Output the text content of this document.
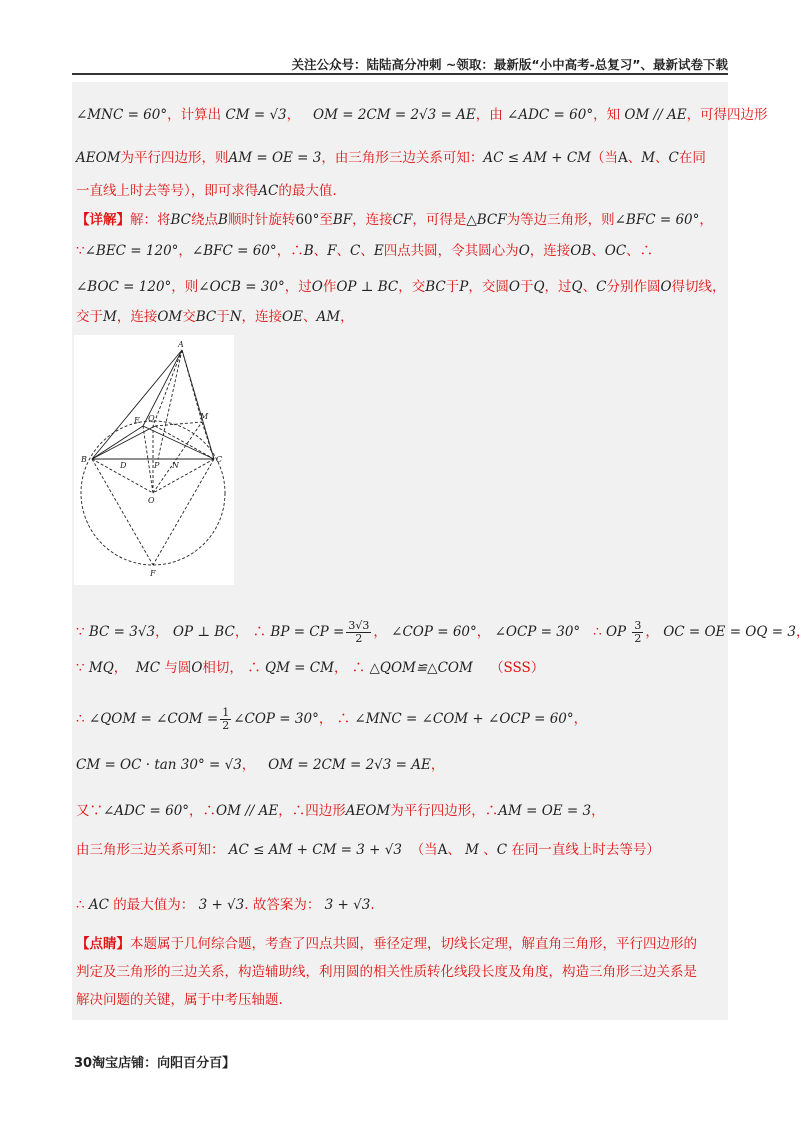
关注公众号：陆陆高分冲刺 ~领取：最新版“小中高考-总复习”、最新试卷下载
∠MNC = 60°，计算出 CM = √3， OM = 2CM = 2√3 = AE，由 ∠ADC = 60°，知 OM // AE，可得四边形
AEOM为平行四边形，则AM = OE = 3，由三角形三边关系可知：AC ≤ AM + CM（当A、M、C在同
一直线上时去等号），即可求得AC的最大值.
【详解】解：将BC绕点B顺时针旋转60°至BF，连接CF，可得是△BCF为等边三角形，则∠BFC = 60°，
∵∠BEC = 120°，∠BFC = 60°，∴B、F、C、E四点共圆，令其圆心为O，连接OB、OC、∴
∠BOC = 120°，则∠OCB = 30°，过O作OP ⊥ BC，交BC于P，交圆O于Q，过Q、C分别作圆O得切线，
交于M，连接OM交BC于N，连接OE、AM，
∵ BC = 3√3， OP ⊥ BC， ∴ BP = CP = $\frac{3√3}{2}$ ， ∠COP = 60°， ∠OCP = 30° ∴ OP $\frac{3}{2}$ ， OC = OE = OQ = 3，
∵ MQ， MC 与圆O相切， ∴ QM = CM， ∴ △QOM≌△COM （SSS）
∴ ∠QOM = ∠COM = $\frac{1}{2}$ ∠COP = 30°， ∴ ∠MNC = ∠COM + ∠OCP = 60°，
CM = OC · tan 30° = √3， OM = 2CM = 2√3 = AE，
又∵∠ADC = 60°，∴OM // AE，∴四边形AEOM为平行四边形，∴AM = OE = 3，
由三角形三边关系可知： AC ≤ AM + CM = 3 + √3 （当A、 M 、C 在同一直线上时去等号）
∴ AC 的最大值为： 3 + √3. 故答案为： 3 + √3.
【点睛】本题属于几何综合题，考查了四点共圆，垂径定理，切线长定理，解直角三角形，平行四边形的
判定及三角形的三边关系，构造辅助线，利用圆的相关性质转化线段长度及角度，构造三角形三边关系是
解决问题的关键，属于中考压轴题.
A
E Q	M
B
D	P N
C
O
F
30淘宝店铺：向阳百分百】
